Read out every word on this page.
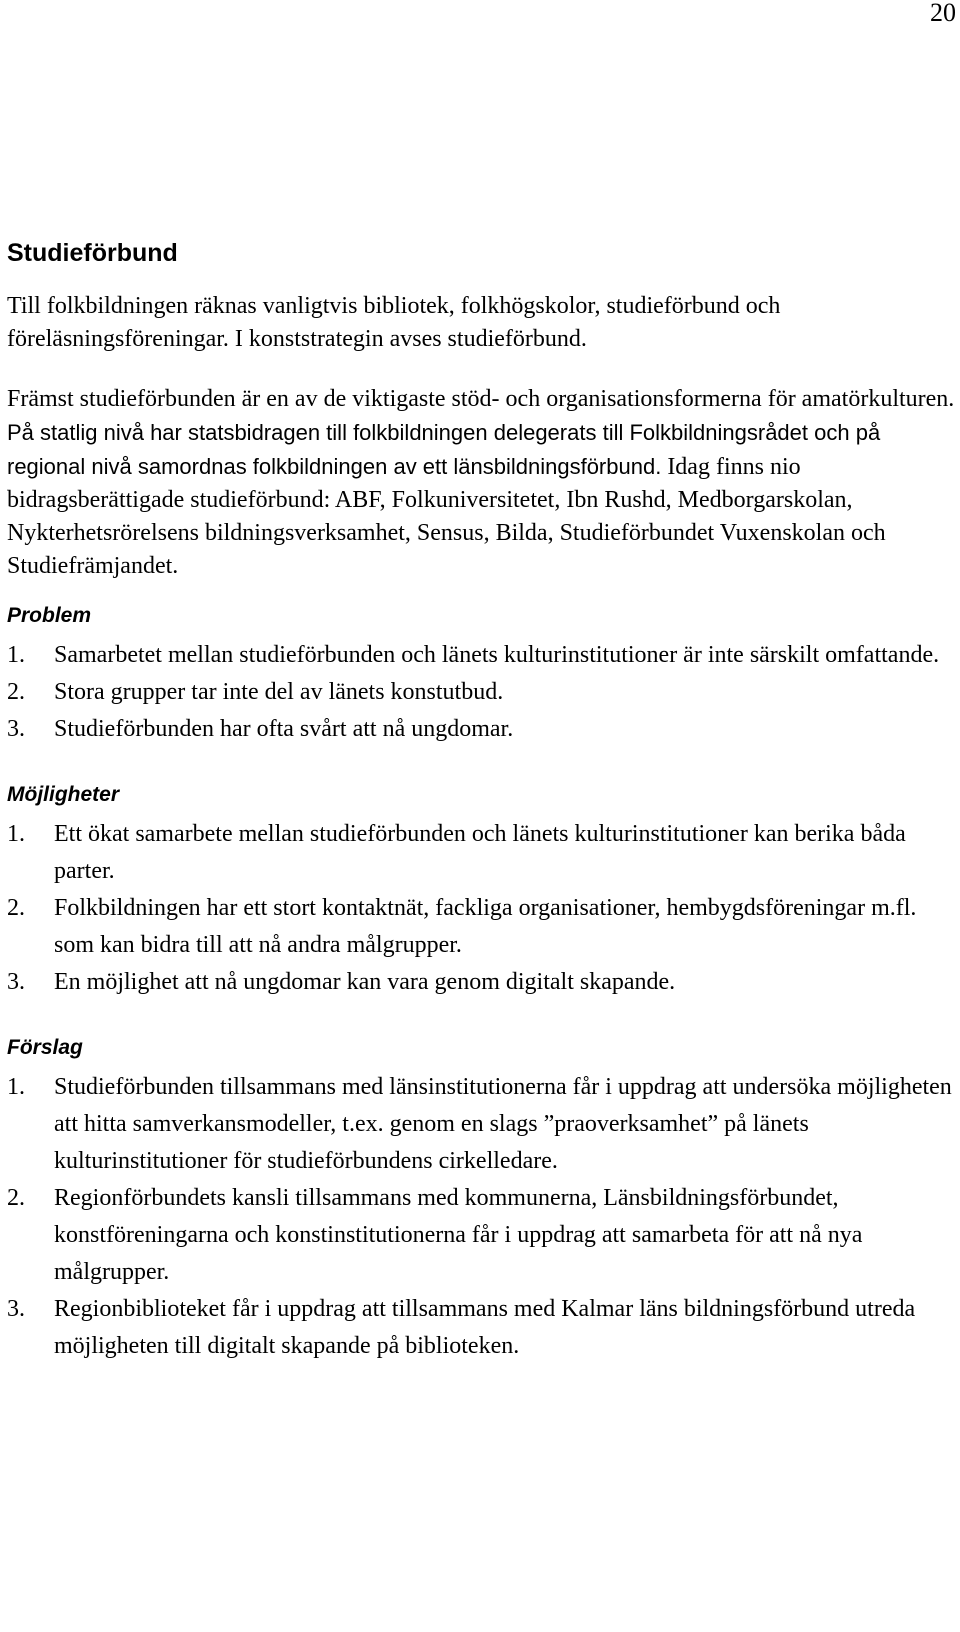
20
Studieförbund

Till folkbildningen räknas vanligtvis bibliotek, folkhögskolor, studieförbund och föreläsningsföreningar. I konststrategin avses studieförbund.

Främst studieförbunden är en av de viktigaste stöd- och organisationsformerna för amatörkulturen. På statlig nivå har statsbidragen till folkbildningen delegerats till Folkbildningsrådet och på regional nivå samordnas folkbildningen av ett länsbildningsförbund. Idag finns nio bidragsberättigade studieförbund: ABF, Folkuniversitetet, Ibn Rushd, Medborgarskolan, Nykterhetsrörelsens bildningsverksamhet, Sensus, Bilda, Studieförbundet Vuxenskolan och Studiefrämjandet.

Problem
1.	Samarbetet mellan studieförbunden och länets kulturinstitutioner är inte särskilt omfattande.
2.	Stora grupper tar inte del av länets konstutbud.
3.	Studieförbunden har ofta svårt att nå ungdomar.
Möjligheter
1.	Ett ökat samarbete mellan studieförbunden och länets kulturinstitutioner kan berika båda parter.
2.	Folkbildningen har ett stort kontaktnät, fackliga organisationer, hembygdsföreningar m.fl. som kan bidra till att nå andra målgrupper.
3.	En möjlighet att nå ungdomar kan vara genom digitalt skapande.
Förslag
1.	Studieförbunden tillsammans med länsinstitutionerna får i uppdrag att undersöka möjligheten att hitta samverkansmodeller, t.ex. genom en slags ”praoverksamhet” på länets kulturinstitutioner för studieförbundens cirkelledare.
2.	Regionförbundets kansli tillsammans med kommunerna, Länsbildningsförbundet, konstföreningarna och konstinstitutionerna får i uppdrag att samarbeta för att nå nya målgrupper.
3.	Regionbiblioteket får i uppdrag att tillsammans med Kalmar läns bildningsförbund utreda möjligheten till digitalt skapande på biblioteken.
